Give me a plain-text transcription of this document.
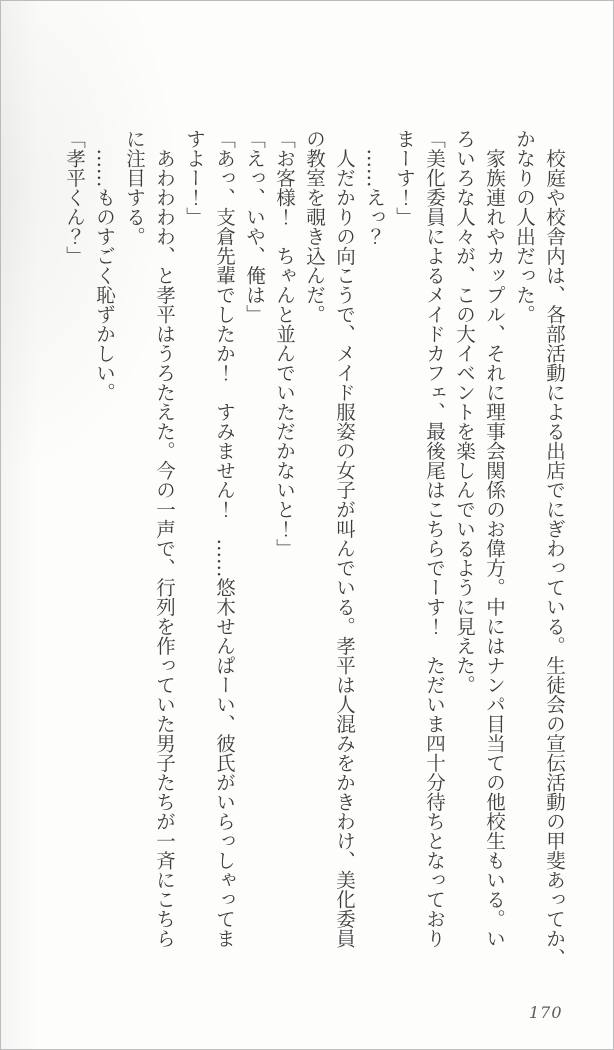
　校庭や校舎内は、各部活動による出店でにぎわっている。生徒会の宣伝活動の甲斐あってか、

かなりの人出だった。

　家族連れやカップル、それに理事会関係のお偉方。中にはナンパ目当ての他校生もいる。い

ろいろな人々が、この大イベントを楽しんでいるように見えた。

「美化委員によるメイドカフェ、最後尾はこちらでーす！　ただいま四十分待ちとなっており

まーす！」

　……えっ？

　人だかりの向こうで、メイド服姿の女子が叫んでいる。孝平は人混みをかきわけ、美化委員

の教室を覗き込んだ。

「お客様！　ちゃんと並んでいただかないと！」

「えっ、いや、俺は」

「あっ、支倉先輩でしたか！　すみません！　……悠木せんぱーい、彼氏がいらっしゃってま

すよー！」

　あわわわわ、と孝平はうろたえた。今の一声で、行列を作っていた男子たちが一斉にこちら

に注目する。

　……ものすごく恥ずかしい。

「孝平くん？」

170
